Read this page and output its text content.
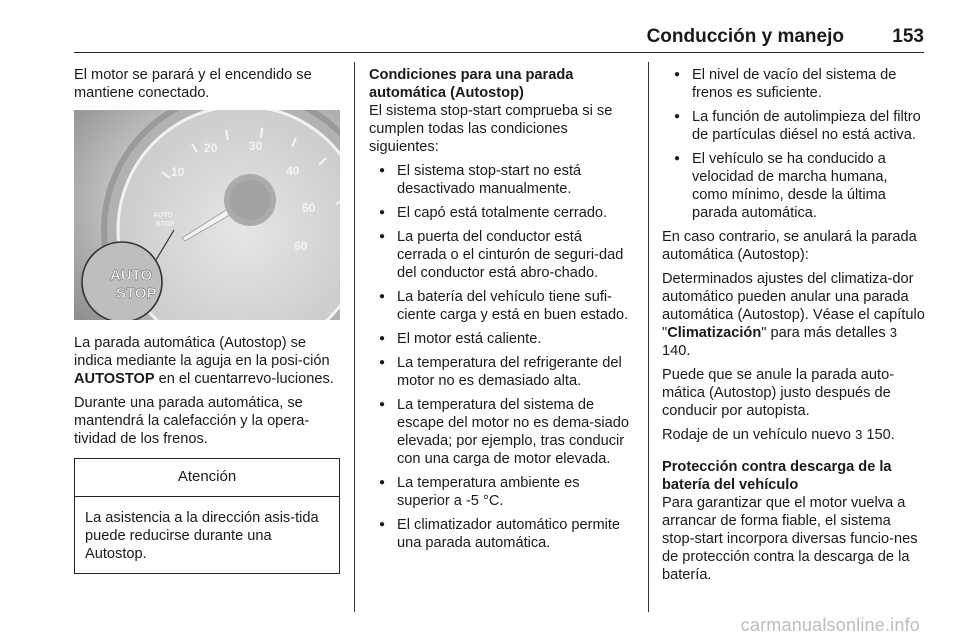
Conducción y manejo	153

El motor se parará y el encendido se mantiene conectado.

10
20	30
40
50
60
AUTO
STOP
AUTO
STOP

La parada automática (Autostop) se indica mediante la aguja en la posi-ción AUTOSTOP en el cuentarrevo-luciones.

Durante una parada automática, se mantendrá la calefacción y la opera-tividad de los frenos.

Atención
La asistencia a la dirección asis-tida puede reducirse durante una Autostop.
Condiciones para una parada automática (Autostop)

El sistema stop-start comprueba si se cumplen todas las condiciones siguientes:

● El sistema stop-start no está desactivado manualmente.
● El capó está totalmente cerrado.
● La puerta del conductor está cerrada o el cinturón de seguri-dad del conductor está abro-chado.
● La batería del vehículo tiene sufi-ciente carga y está en buen estado.
● El motor está caliente.
● La temperatura del refrigerante del motor no es demasiado alta.
● La temperatura del sistema de escape del motor no es dema-siado elevada; por ejemplo, tras conducir con una carga de motor elevada.
● La temperatura ambiente es superior a -5 °C.
● El climatizador automático permite una parada automática.
● El nivel de vacío del sistema de frenos es suficiente.
● La función de autolimpieza del filtro de partículas diésel no está activa.
● El vehículo se ha conducido a velocidad de marcha humana, como mínimo, desde la última parada automática.

En caso contrario, se anulará la parada automática (Autostop):

Determinados ajustes del climatiza-dor automático pueden anular una parada automática (Autostop). Véase el capítulo "Climatización" para más detalles 3 140.

Puede que se anule la parada auto-mática (Autostop) justo después de conducir por autopista.

Rodaje de un vehículo nuevo 3 150.

Protección contra descarga de la batería del vehículo

Para garantizar que el motor vuelva a arrancar de forma fiable, el sistema stop-start incorpora diversas funcio-nes de protección contra la descarga de la batería.

carmanualsonline.info
